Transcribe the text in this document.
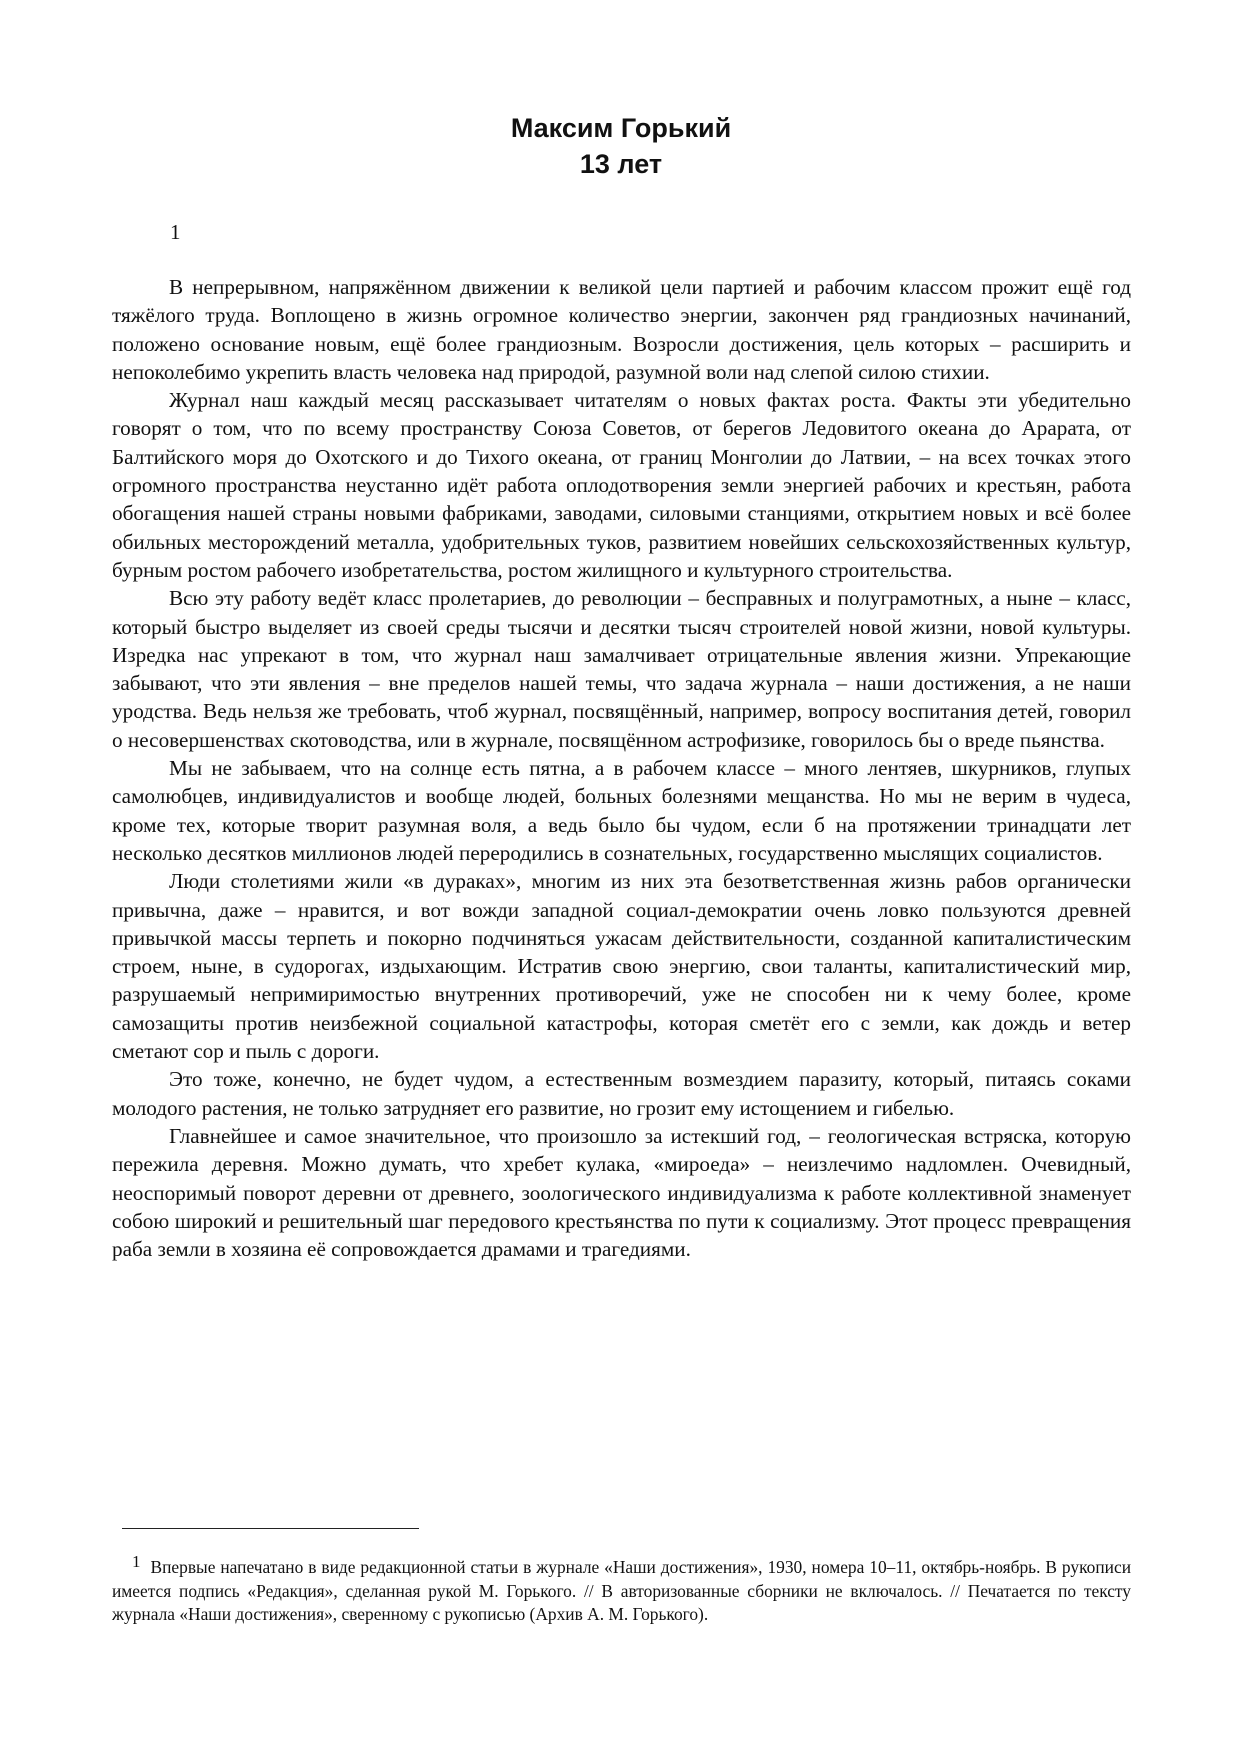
Максим Горький
13 лет
1

В непрерывном, напряжённом движении к великой цели партией и рабочим классом прожит ещё год тяжёлого труда. Воплощено в жизнь огромное количество энергии, закончен ряд грандиозных начинаний, положено основание новым, ещё более грандиозным. Возросли достижения, цель которых – расширить и непоколебимо укрепить власть человека над природой, разумной воли над слепой силою стихии.

Журнал наш каждый месяц рассказывает читателям о новых фактах роста. Факты эти убедительно говорят о том, что по всему пространству Союза Советов, от берегов Ледовитого океана до Арарата, от Балтийского моря до Охотского и до Тихого океана, от границ Монголии до Латвии, – на всех точках этого огромного пространства неустанно идёт работа оплодотворения земли энергией рабочих и крестьян, работа обогащения нашей страны новыми фабриками, заводами, силовыми станциями, открытием новых и всё более обильных месторождений металла, удобрительных туков, развитием новейших сельскохозяйственных культур, бурным ростом рабочего изобретательства, ростом жилищного и культурного строительства.

Всю эту работу ведёт класс пролетариев, до революции – бесправных и полуграмотных, а ныне – класс, который быстро выделяет из своей среды тысячи и десятки тысяч строителей новой жизни, новой культуры. Изредка нас упрекают в том, что журнал наш замалчивает отрицательные явления жизни. Упрекающие забывают, что эти явления – вне пределов нашей темы, что задача журнала – наши достижения, а не наши уродства. Ведь нельзя же требовать, чтоб журнал, посвящённый, например, вопросу воспитания детей, говорил о несовершенствах скотоводства, или в журнале, посвящённом астрофизике, говорилось бы о вреде пьянства.

Мы не забываем, что на солнце есть пятна, а в рабочем классе – много лентяев, шкурников, глупых самолюбцев, индивидуалистов и вообще людей, больных болезнями мещанства. Но мы не верим в чудеса, кроме тех, которые творит разумная воля, а ведь было бы чудом, если б на протяжении тринадцати лет несколько десятков миллионов людей переродились в сознательных, государственно мыслящих социалистов.

Люди столетиями жили «в дураках», многим из них эта безответственная жизнь рабов органически привычна, даже – нравится, и вот вожди западной социал-демократии очень ловко пользуются древней привычкой массы терпеть и покорно подчиняться ужасам действительности, созданной капиталистическим строем, ныне, в судорогах, издыхающим. Истратив свою энергию, свои таланты, капиталистический мир, разрушаемый непримиримостью внутренних противоречий, уже не способен ни к чему более, кроме самозащиты против неизбежной социальной катастрофы, которая сметёт его с земли, как дождь и ветер сметают сор и пыль с дороги.

Это тоже, конечно, не будет чудом, а естественным возмездием паразиту, который, питаясь соками молодого растения, не только затрудняет его развитие, но грозит ему истощением и гибелью.

Главнейшее и самое значительное, что произошло за истекший год, – геологическая встряска, которую пережила деревня. Можно думать, что хребет кулака, «мироеда» – неизлечимо надломлен. Очевидный, неоспоримый поворот деревни от древнего, зоологического индивидуализма к работе коллективной знаменует собою широкий и решительный шаг передового крестьянства по пути к социализму. Этот процесс превращения раба земли в хозяина её сопровождается драмами и трагедиями.

1 Впервые напечатано в виде редакционной статьи в журнале «Наши достижения», 1930, номера 10–11, октябрь-ноябрь. В рукописи имеется подпись «Редакция», сделанная рукой М. Горького. // В авторизованные сборники не включалось. // Печатается по тексту журнала «Наши достижения», сверенному с рукописью (Архив А. М. Горького).
